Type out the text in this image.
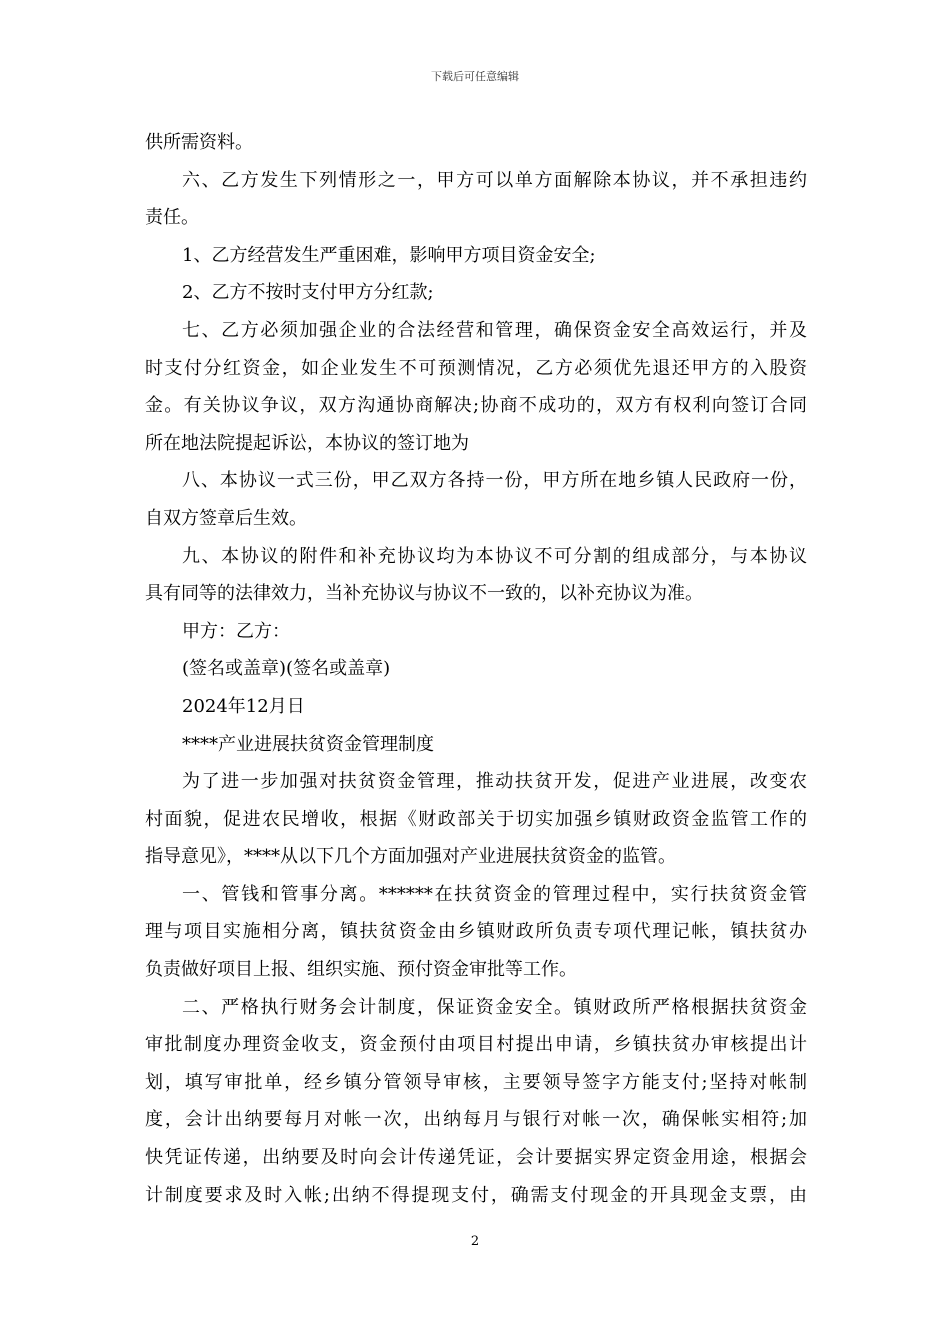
下载后可任意编辑
供所需资料。
六、乙方发生下列情形之一，甲方可以单方面解除本协议，并不承担违约
责任。
1、乙方经营发生严重困难，影响甲方项目资金安全;
2、乙方不按时支付甲方分红款;
七、乙方必须加强企业的合法经营和管理，确保资金安全高效运行，并及
时支付分红资金，如企业发生不可预测情况，乙方必须优先退还甲方的入股资
金。有关协议争议，双方沟通协商解决;协商不成功的，双方有权利向签订合同
所在地法院提起诉讼，本协议的签订地为
八、本协议一式三份，甲乙双方各持一份，甲方所在地乡镇人民政府一份，
自双方签章后生效。
九、本协议的附件和补充协议均为本协议不可分割的组成部分，与本协议
具有同等的法律效力，当补充协议与协议不一致的，以补充协议为准。
甲方：乙方：
(签名或盖章)(签名或盖章)
2024年12月日
****产业进展扶贫资金管理制度
为了进一步加强对扶贫资金管理，推动扶贫开发，促进产业进展，改变农
村面貌，促进农民增收，根据《财政部关于切实加强乡镇财政资金监管工作的
指导意见》，****从以下几个方面加强对产业进展扶贫资金的监管。
一、管钱和管事分离。******在扶贫资金的管理过程中，实行扶贫资金管
理与项目实施相分离，镇扶贫资金由乡镇财政所负责专项代理记帐，镇扶贫办
负责做好项目上报、组织实施、预付资金审批等工作。
二、严格执行财务会计制度，保证资金安全。镇财政所严格根据扶贫资金
审批制度办理资金收支，资金预付由项目村提出申请，乡镇扶贫办审核提出计
划，填写审批单，经乡镇分管领导审核，主要领导签字方能支付;坚持对帐制
度，会计出纳要每月对帐一次，出纳每月与银行对帐一次，确保帐实相符;加
快凭证传递，出纳要及时向会计传递凭证，会计要据实界定资金用途，根据会
计制度要求及时入帐;出纳不得提现支付，确需支付现金的开具现金支票，由
2
